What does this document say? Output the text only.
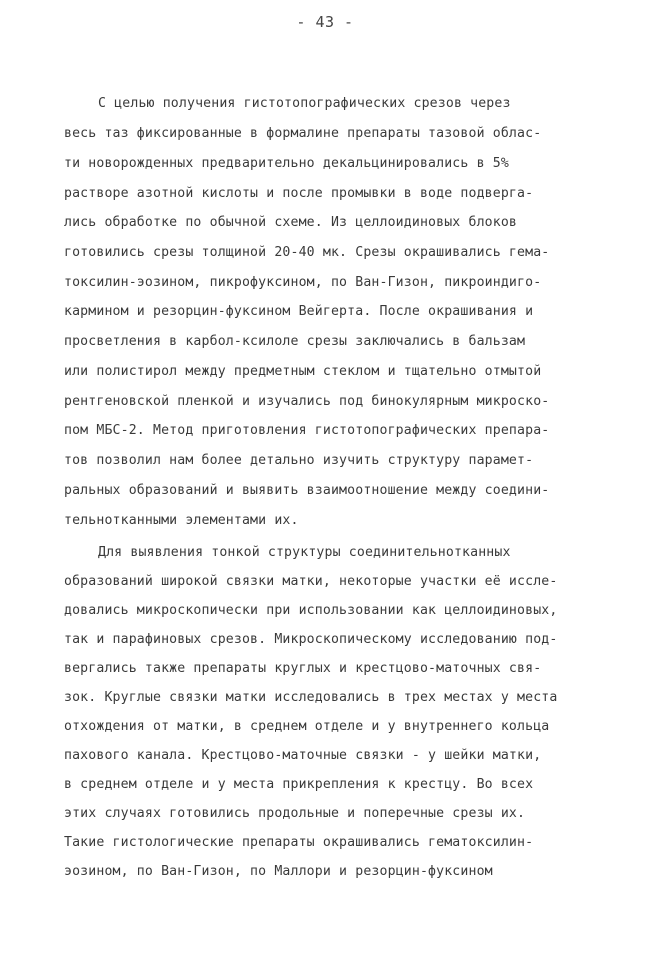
- 43 -
С целью получения гистотопографических срезов через
весь таз фиксированные в формалине препараты тазовой облас-
ти новорожденных предварительно декальцинировались в 5%
растворе азотной кислоты и после промывки в воде подверга-
лись обработке по обычной схеме. Из целлоидиновых блоков
готовились срезы толщиной 20-40 мк. Срезы окрашивались гема-
токсилин-эозином, пикрофуксином, по Ван-Гизон, пикроиндиго-
кармином и резорцин-фуксином Вейгерта. После окрашивания и
просветления в карбол-ксилоле срезы заключались в бальзам
или полистирол между предметным стеклом и тщательно отмытой
рентгеновской пленкой и изучались под бинокулярным микроско-
пом МБС-2. Метод приготовления гистотопографических препара-
тов позволил нам более детально изучить структуру парамет-
ральных образований и выявить взаимоотношение между соедини-
тельнотканными элементами их.
Для выявления тонкой структуры соединительнотканных
образований широкой связки матки, некоторые участки её иссле-
довались микроскопически при использовании как целлоидиновых,
так и парафиновых срезов. Микроскопическому исследованию под-
вергались также препараты круглых и крестцово-маточных свя-
зок. Круглые связки матки исследовались в трех местах у места
отхождения от матки, в среднем отделе и у внутреннего кольца
пахового канала. Крестцово-маточные связки - у шейки матки,
в среднем отделе и у места прикрепления к крестцу. Во всех
этих случаях готовились продольные и поперечные срезы их.
Такие гистологические препараты окрашивались гематоксилин-
эозином, по Ван-Гизон, по Маллори и резорцин-фуксином
